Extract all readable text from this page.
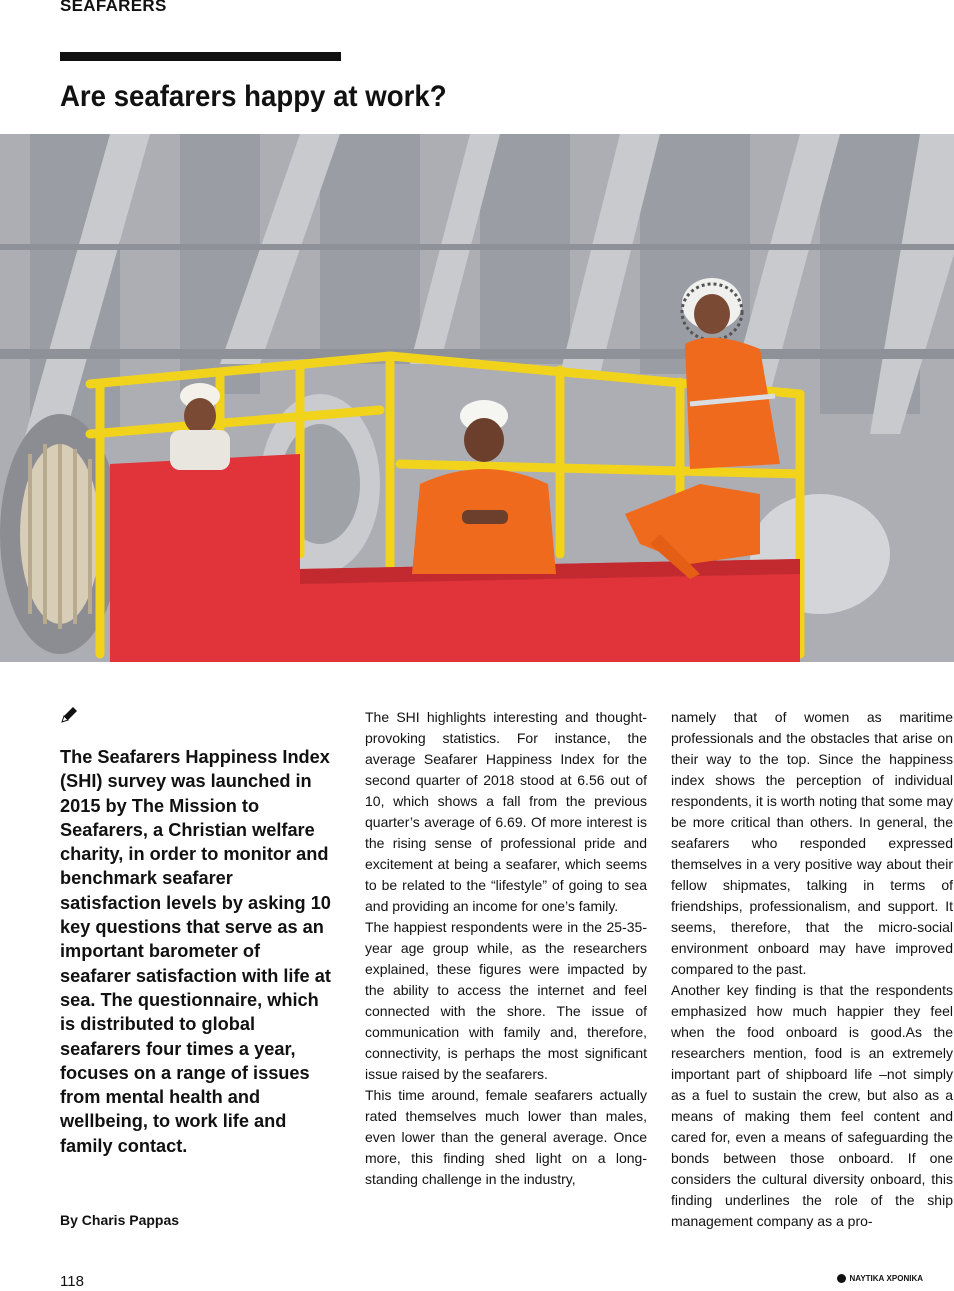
SEAFARERS
Are seafarers happy at work?
The Seafarers Happiness Index (SHI) survey was launched in 2015 by The Mission to Seafarers, a Christian welfare charity, in order to monitor and benchmark seafarer satisfaction levels by asking 10 key questions that serve as an important barometer of seafarer satisfaction with life at sea. The questionnaire, which is distributed to global seafarers four times a year, focuses on a range of issues from mental health and wellbeing, to work life and family contact.
By Charis Pappas

The SHI highlights interesting and thought-provoking statistics. For instance, the average Seafarer Happiness Index for the second quarter of 2018 stood at 6.56 out of 10, which shows a fall from the previous quarter’s average of 6.69. Of more interest is the rising sense of professional pride and excitement at being a seafarer, which seems to be related to the “lifestyle” of going to sea and providing an income for one’s family.

The happiest respondents were in the 25-35-year age group while, as the researchers explained, these figures were impacted by the ability to access the internet and feel connected with the shore. The issue of communication with family and, therefore, connectivity, is perhaps the most significant issue raised by the seafarers.

This time around, female seafarers actually rated themselves much lower than males, even lower than the general average. Once more, this finding shed light on a long-standing challenge in the industry,

namely that of women as maritime professionals and the obstacles that arise on their way to the top. Since the happiness index shows the perception of individual respondents, it is worth noting that some may be more critical than others. In general, the seafarers who responded expressed themselves in a very positive way about their fellow shipmates, talking in terms of friendships, professionalism, and support. It seems, therefore, that the micro-social environment onboard may have improved compared to the past.

Another key finding is that the respondents emphasized how much happier they feel when the food onboard is good.As the researchers mention, food is an extremely important part of shipboard life –not simply as a fuel to sustain the crew, but also as a means of making them feel content and cared for, even a means of safeguarding the bonds between those onboard. If one considers the cultural diversity onboard, this finding underlines the role of the ship management company as a pro-

118	ΝΑΥΤΙΚΑ ΧΡΟΝΙΚΑ
